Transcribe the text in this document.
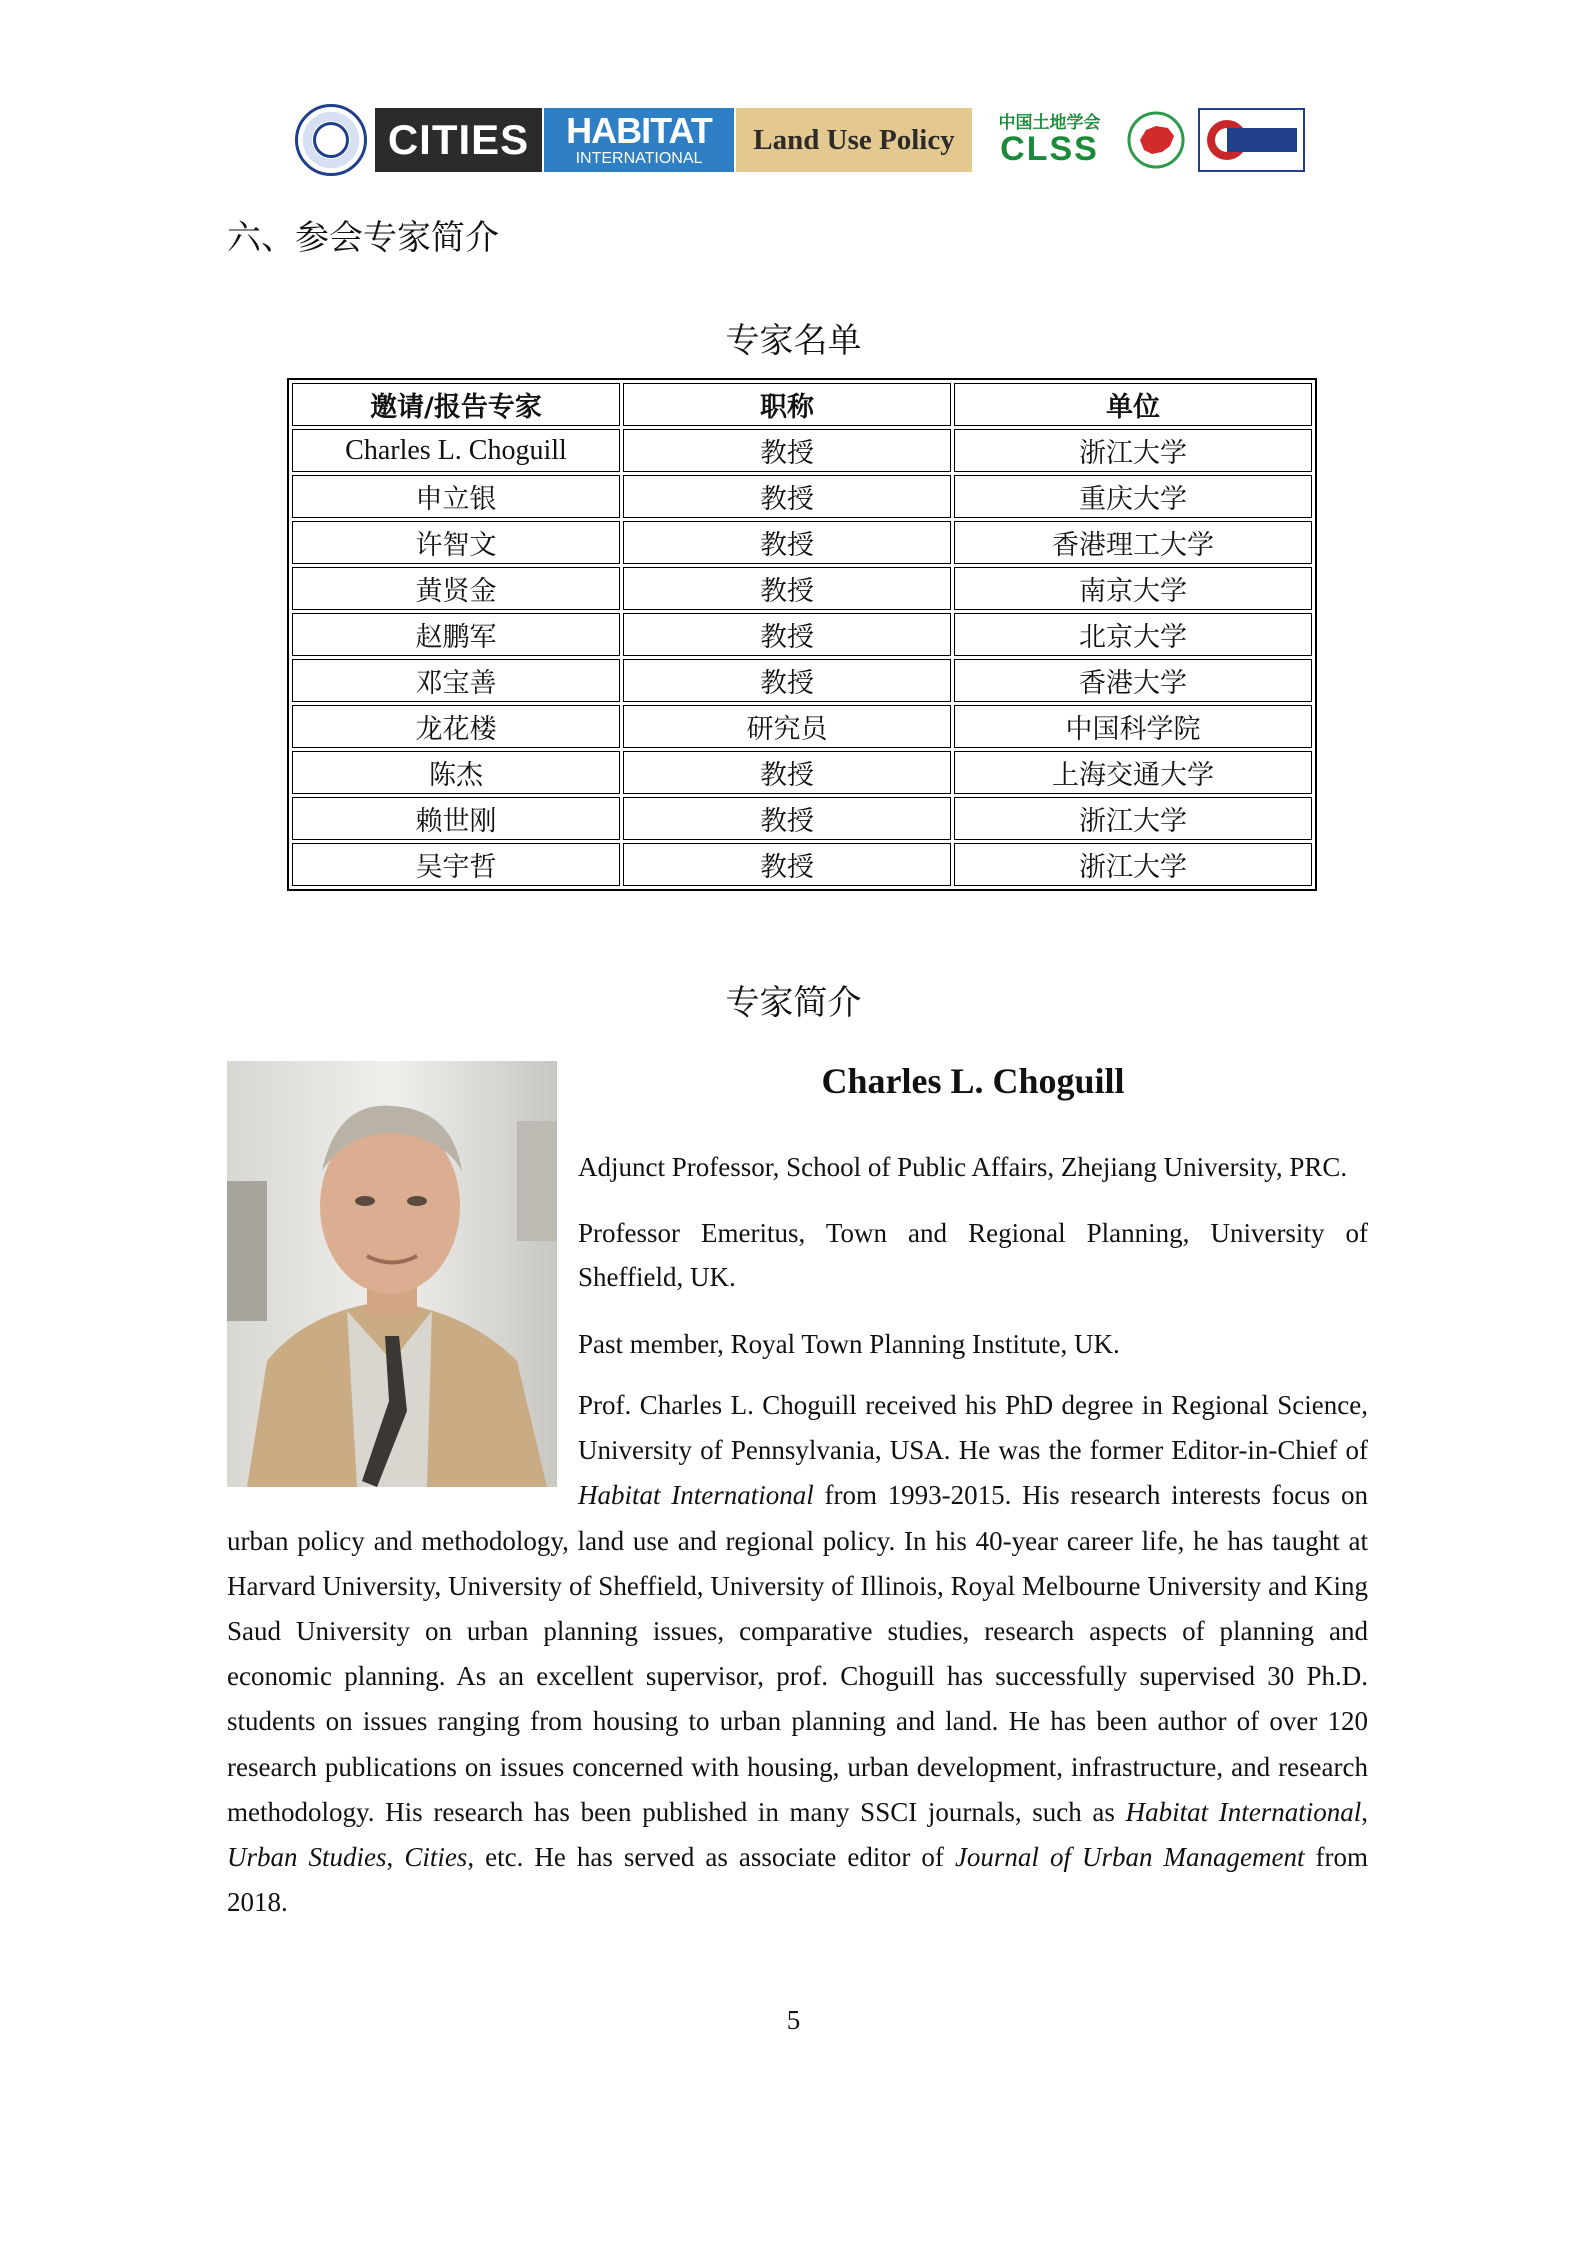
CITIES HABITAT
INTERNATIONAL
Land Use Policy
中国土地学会
CLSS
六、参会专家简介
专家名单
邀请/报告专家	职称	单位
Charles L. Choguill	教授	浙江大学
申立银	教授	重庆大学
许智文	教授	香港理工大学
黄贤金	教授	南京大学
赵鹏军	教授	北京大学
邓宝善	教授	香港大学
龙花楼	研究员	中国科学院
陈杰	教授	上海交通大学
赖世刚	教授	浙江大学
吴宇哲	教授	浙江大学
专家简介
Charles L. Choguill

Adjunct Professor, School of Public Affairs, Zhejiang University, PRC.

Professor Emeritus, Town and Regional Planning, University of Sheffield, UK.

Past member, Royal Town Planning Institute, UK.

Prof. Charles L. Choguill received his PhD degree in Regional Science, University of Pennsylvania, USA. He was the former Editor-in-Chief of Habitat International from 1993-2015. His research interests focus on urban policy and methodology, land use and regional policy. In his 40-year career life, he has taught at Harvard University, University of Sheffield, University of Illinois, Royal Melbourne University and King Saud University on urban planning issues, comparative studies, research aspects of planning and economic planning. As an excellent supervisor, prof. Choguill has successfully supervised 30 Ph.D. students on issues ranging from housing to urban planning and land. He has been author of over 120 research publications on issues concerned with housing, urban development, infrastructure, and research methodology. His research has been published in many SSCI journals, such as Habitat International, Urban Studies, Cities, etc. He has served as associate editor of Journal of Urban Management from 2018.

5
